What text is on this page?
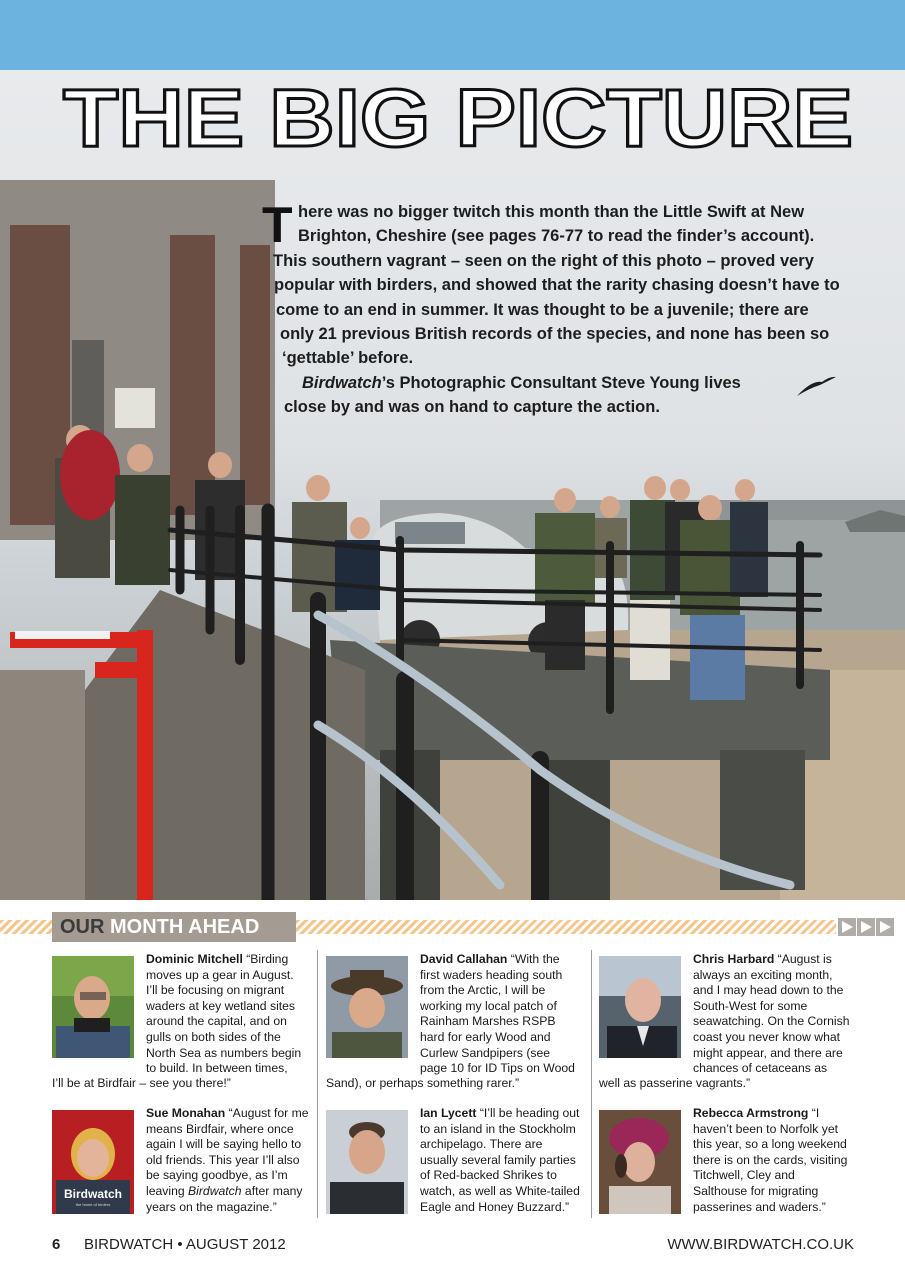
THE BIG PICTURE
T here was no bigger twitch this month than the Little Swift at New
Brighton, Cheshire (see pages 76-77 to read the finder’s account).
This southern vagrant – seen on the right of this photo – proved very
popular with birders, and showed that the rarity chasing doesn’t have to
come to an end in summer. It was thought to be a juvenile; there are
only 21 previous British records of the species, and none has been so
‘gettable’ before.
Birdwatch’s Photographic Consultant Steve Young lives
close by and was on hand to capture the action.
OUR MONTH AHEAD
Dominic Mitchell “Birding
moves up a gear in August.
I’ll be focusing on migrant
waders at key wetland sites
around the capital, and on
gulls on both sides of the
North Sea as numbers begin
to build. In between times,
I’ll be at Birdfair – see you there!”
David Callahan “With the
first waders heading south
from the Arctic, I will be
working my local patch of
Rainham Marshes RSPB
hard for early Wood and
Curlew Sandpipers (see
page 10 for ID Tips on Wood
Sand), or perhaps something rarer.”
Chris Harbard “August is
always an exciting month,
and I may head down to the
South-West for some
seawatching. On the Cornish
coast you never know what
might appear, and there are
chances of cetaceans as
well as passerine vagrants.”
Birdwatch
the home of birders
Sue Monahan “August for me
means Birdfair, where once
again I will be saying hello to
old friends. This year I’ll also
be saying goodbye, as I’m
leaving Birdwatch after many
years on the magazine.”
Ian Lycett “I’ll be heading out
to an island in the Stockholm
archipelago. There are
usually several family parties
of Red-backed Shrikes to
watch, as well as White-tailed
Eagle and Honey Buzzard.”
Rebecca Armstrong “I
haven’t been to Norfolk yet
this year, so a long weekend
there is on the cards, visiting
Titchwell, Cley and
Salthouse for migrating
passerines and waders.”
6 BIRDWATCH • AUGUST 2012	WWW.BIRDWATCH.CO.UK
